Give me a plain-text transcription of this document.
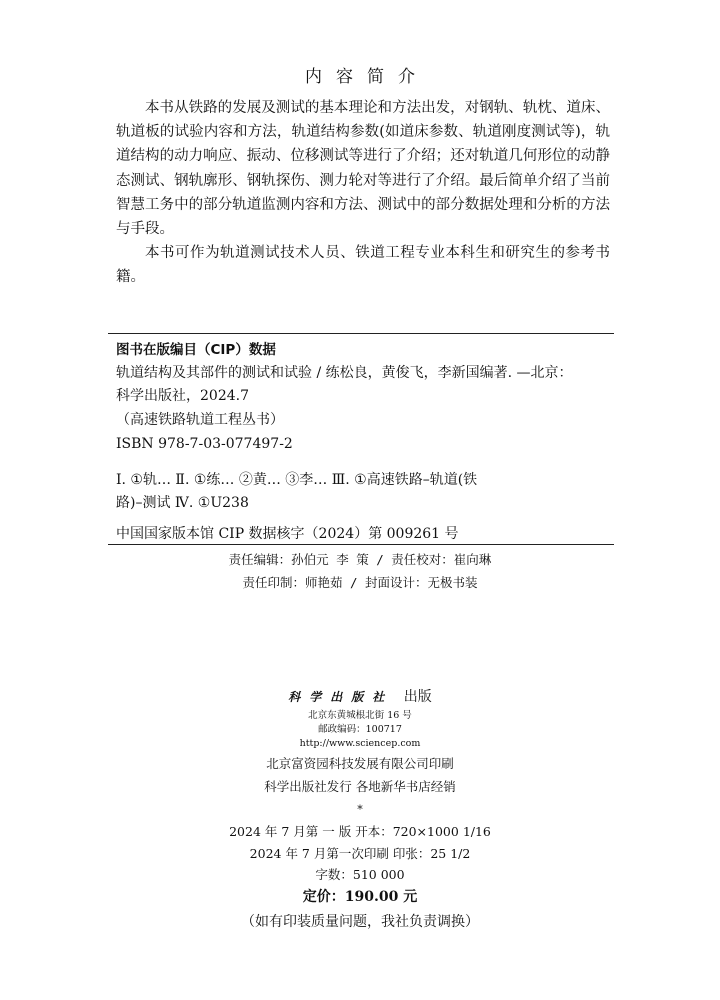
内容简介

本书从铁路的发展及测试的基本理论和方法出发，对钢轨、轨枕、道床、轨道板的试验内容和方法，轨道结构参数(如道床参数、轨道刚度测试等)，轨道结构的动力响应、振动、位移测试等进行了介绍；还对轨道几何形位的动静态测试、钢轨廓形、钢轨探伤、测力轮对等进行了介绍。最后简单介绍了当前智慧工务中的部分轨道监测内容和方法、测试中的部分数据处理和分析的方法与手段。

本书可作为轨道测试技术人员、铁道工程专业本科生和研究生的参考书籍。

图书在版编目（CIP）数据
轨道结构及其部件的测试和试验 / 练松良，黄俊飞，李新国编著. —北京：
科学出版社，2024.7
（高速铁路轨道工程丛书）
ISBN 978-7-03-077497-2
Ⅰ. ①轨… Ⅱ. ①练… ②黄… ③李… Ⅲ. ①高速铁路–轨道(铁
路)–测试 Ⅳ. ①U238
中国国家版本馆 CIP 数据核字（2024）第 009261 号
责任编辑：孙伯元 李 策 / 责任校对：崔向琳
责任印制：师艳茹 / 封面设计：无极书装
科学出版社 出版
北京东黄城根北街 16 号
邮政编码：100717
http://www.sciencep.com
北京富资园科技发展有限公司印刷
科学出版社发行 各地新华书店经销
*
2024 年 7 月第 一 版 开本：720×1000 1/16
2024 年 7 月第一次印刷 印张：25 1/2
字数：510 000
定价：190.00 元
（如有印装质量问题，我社负责调换）
